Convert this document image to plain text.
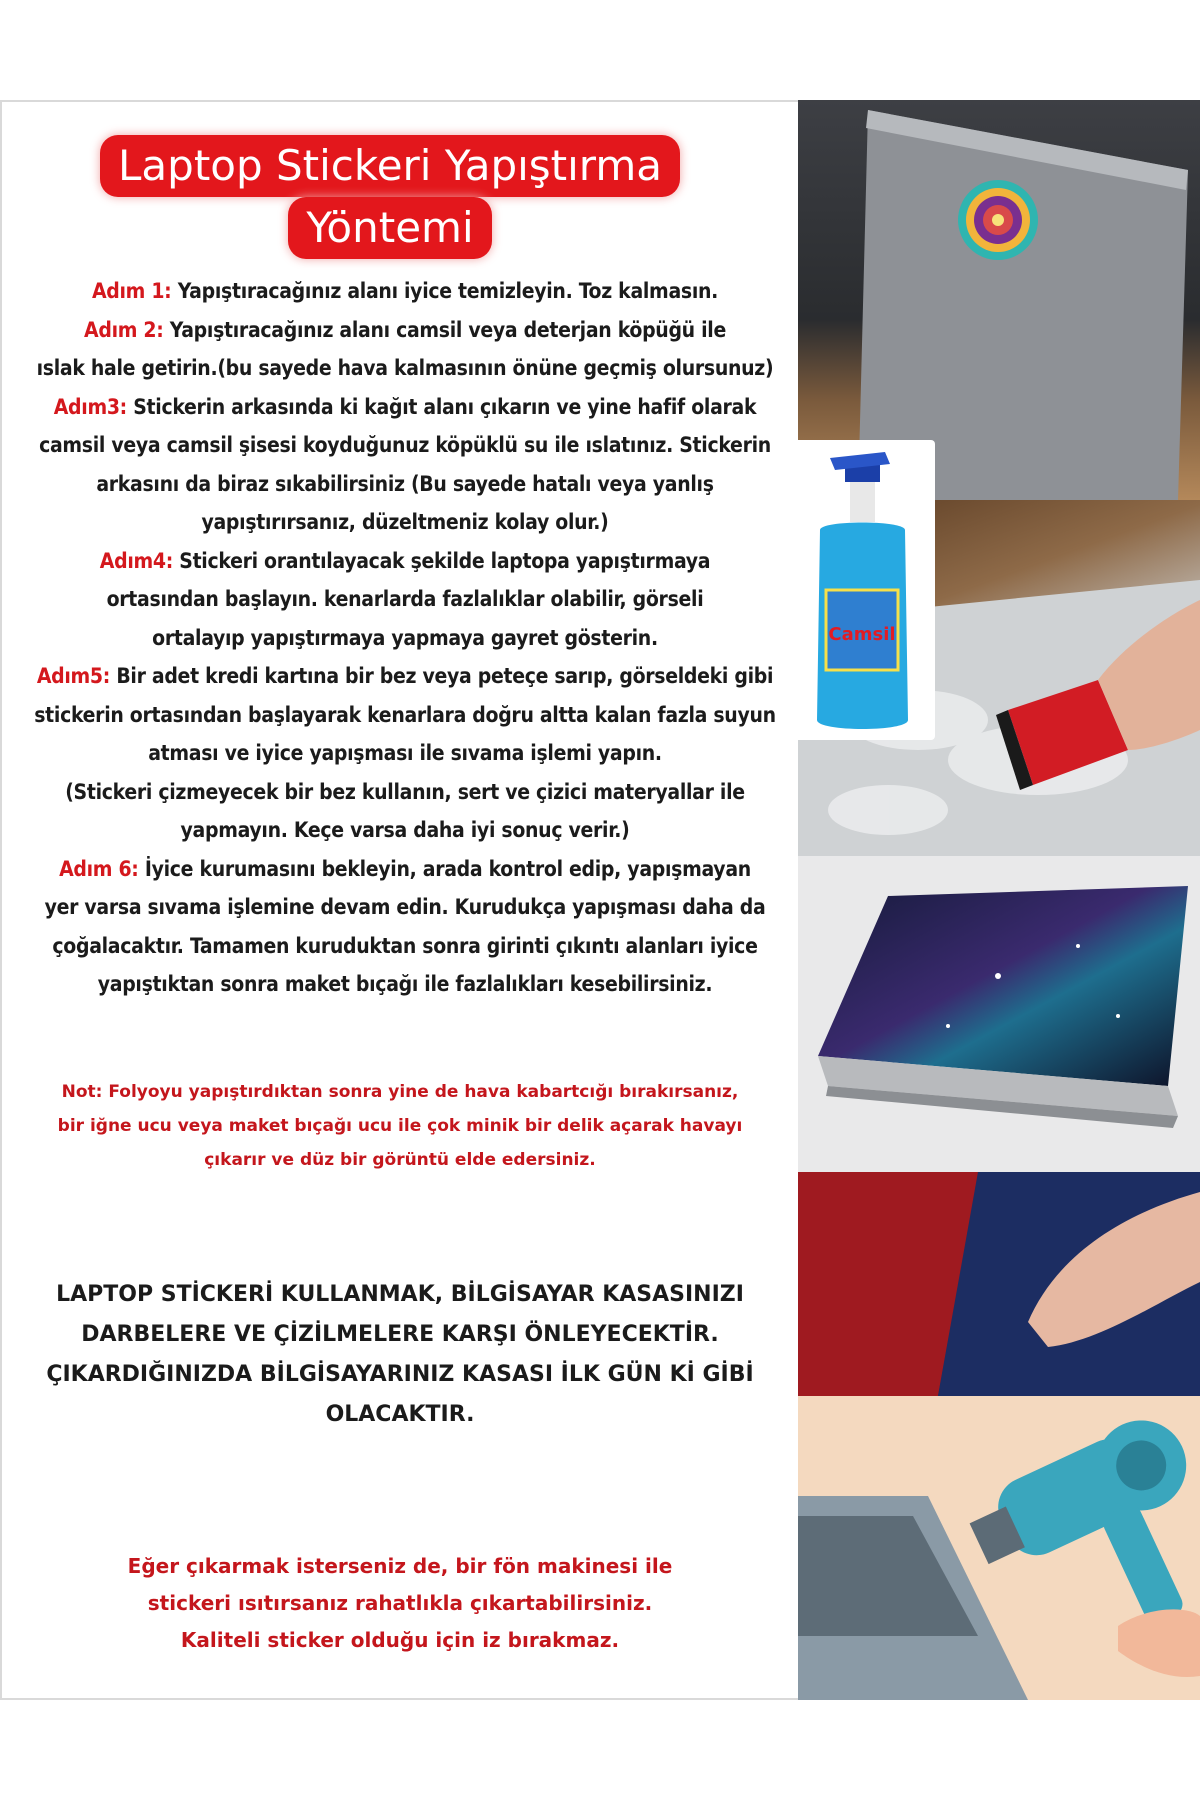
Laptop Stickeri Yapıştırma
Yöntemi

Adım 1: Yapıştıracağınız alanı iyice temizleyin. Toz kalmasın.

Adım 2: Yapıştıracağınız alanı camsil veya deterjan köpüğü ile

ıslak hale getirin.(bu sayede hava kalmasının önüne geçmiş olursunuz)

Adım3: Stickerin arkasında ki kağıt alanı çıkarın ve yine hafif olarak

camsil veya camsil şisesi koyduğunuz köpüklü su ile ıslatınız. Stickerin

arkasını da biraz sıkabilirsiniz (Bu sayede hatalı veya yanlış

yapıştırırsanız, düzeltmeniz kolay olur.)

Adım4: Stickeri orantılayacak şekilde laptopa yapıştırmaya

ortasından başlayın. kenarlarda fazlalıklar olabilir, görseli

ortalayıp yapıştırmaya yapmaya gayret gösterin.

Adım5: Bir adet kredi kartına bir bez veya peteçe sarıp, görseldeki gibi

stickerin ortasından başlayarak kenarlara doğru altta kalan fazla suyun

atması ve iyice yapışması ile sıvama işlemi yapın.

(Stickeri çizmeyecek bir bez kullanın, sert ve çizici materyallar ile

yapmayın. Keçe varsa daha iyi sonuç verir.)

Adım 6: İyice kurumasını bekleyin, arada kontrol edip, yapışmayan

yer varsa sıvama işlemine devam edin. Kurudukça yapışması daha da

çoğalacaktır. Tamamen kuruduktan sonra girinti çıkıntı alanları iyice

yapıştıktan sonra maket bıçağı ile fazlalıkları kesebilirsiniz.

Not: Folyoyu yapıştırdıktan sonra yine de hava kabartcığı bırakırsanız,
bir iğne ucu veya maket bıçağı ucu ile çok minik bir delik açarak havayı
çıkarır ve düz bir görüntü elde edersiniz.
LAPTOP STİCKERİ KULLANMAK, BİLGİSAYAR KASASINIZI
DARBELERE VE ÇİZİLMELERE KARŞI ÖNLEYECEKTİR.
ÇIKARDIĞINIZDA BİLGİSAYARINIZ KASASI İLK GÜN Kİ GİBİ
OLACAKTIR.
Eğer çıkarmak isterseniz de, bir fön makinesi ile
stickeri ısıtırsanız rahatlıkla çıkartabilirsiniz.
Kaliteli sticker olduğu için iz bırakmaz.
Camsil
